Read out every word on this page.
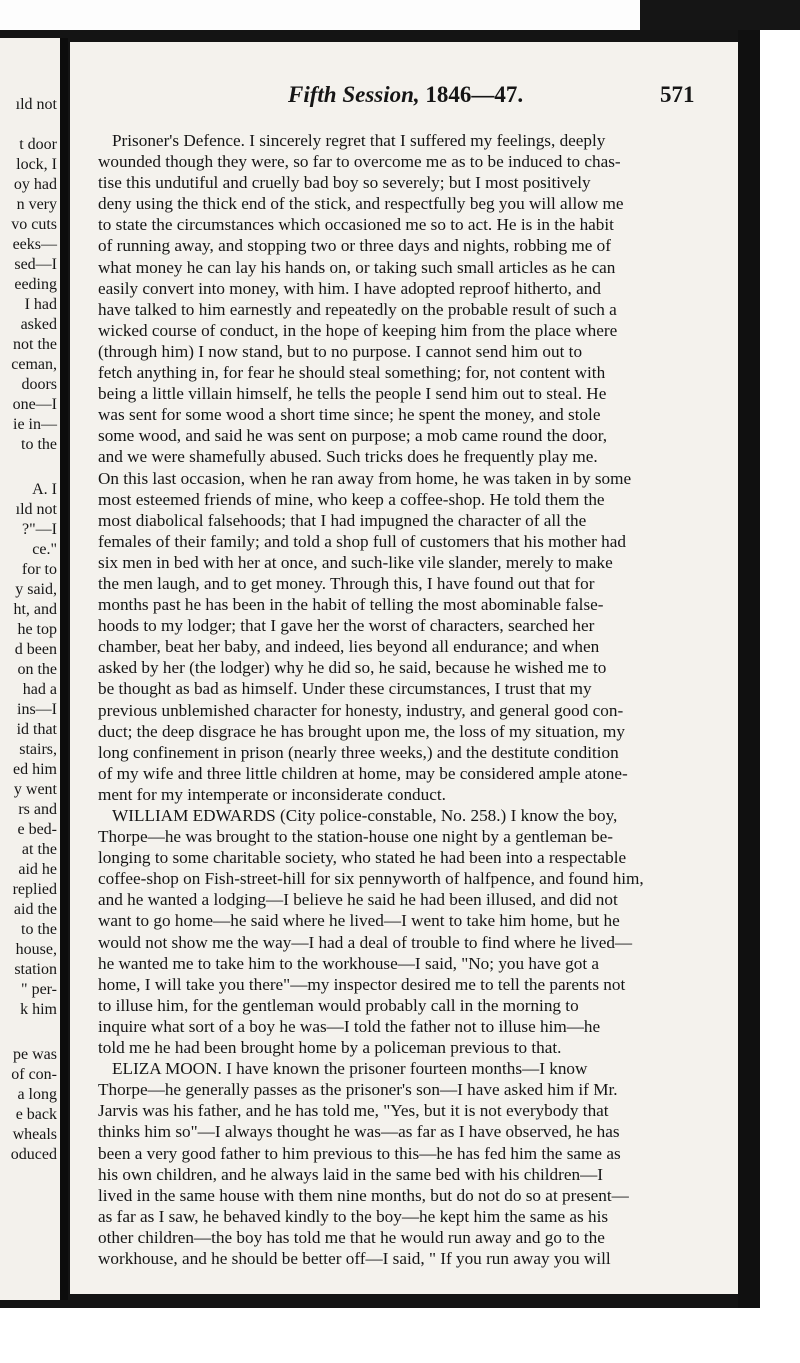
ıld not
t door
lock, I
oy had
n very
vo cuts
eeks—
sed—I
eeding
I had
asked
not the
ceman,
doors
one—I
ie in—
to the
A. I
ıld not
?"—I
ce."
for to
y said,
ht, and
he top
d been
on the
had a
ins—I
id that
stairs,
ed him
y went
rs and
e bed-
at the
aid he
replied
aid the
to the
house,
station
" per-
k him
pe was
of con-
a long
e back
wheals
oduced
Fifth Session, 1846—47.	571
Prisoner's Defence. I sincerely regret that I suffered my feelings, deeply
wounded though they were, so far to overcome me as to be induced to chas-
tise this undutiful and cruelly bad boy so severely; but I most positively
deny using the thick end of the stick, and respectfully beg you will allow me
to state the circumstances which occasioned me so to act. He is in the habit
of running away, and stopping two or three days and nights, robbing me of
what money he can lay his hands on, or taking such small articles as he can
easily convert into money, with him. I have adopted reproof hitherto, and
have talked to him earnestly and repeatedly on the probable result of such a
wicked course of conduct, in the hope of keeping him from the place where
(through him) I now stand, but to no purpose. I cannot send him out to
fetch anything in, for fear he should steal something; for, not content with
being a little villain himself, he tells the people I send him out to steal. He
was sent for some wood a short time since; he spent the money, and stole
some wood, and said he was sent on purpose; a mob came round the door,
and we were shamefully abused. Such tricks does he frequently play me.
On this last occasion, when he ran away from home, he was taken in by some
most esteemed friends of mine, who keep a coffee-shop. He told them the
most diabolical falsehoods; that I had impugned the character of all the
females of their family; and told a shop full of customers that his mother had
six men in bed with her at once, and such-like vile slander, merely to make
the men laugh, and to get money. Through this, I have found out that for
months past he has been in the habit of telling the most abominable false-
hoods to my lodger; that I gave her the worst of characters, searched her
chamber, beat her baby, and indeed, lies beyond all endurance; and when
asked by her (the lodger) why he did so, he said, because he wished me to
be thought as bad as himself. Under these circumstances, I trust that my
previous unblemished character for honesty, industry, and general good con-
duct; the deep disgrace he has brought upon me, the loss of my situation, my
long confinement in prison (nearly three weeks,) and the destitute condition
of my wife and three little children at home, may be considered ample atone-
ment for my intemperate or inconsiderate conduct.
WILLIAM EDWARDS (City police-constable, No. 258.) I know the boy,
Thorpe—he was brought to the station-house one night by a gentleman be-
longing to some charitable society, who stated he had been into a respectable
coffee-shop on Fish-street-hill for six pennyworth of halfpence, and found him,
and he wanted a lodging—I believe he said he had been illused, and did not
want to go home—he said where he lived—I went to take him home, but he
would not show me the way—I had a deal of trouble to find where he lived—
he wanted me to take him to the workhouse—I said, "No; you have got a
home, I will take you there"—my inspector desired me to tell the parents not
to illuse him, for the gentleman would probably call in the morning to
inquire what sort of a boy he was—I told the father not to illuse him—he
told me he had been brought home by a policeman previous to that.
ELIZA MOON. I have known the prisoner fourteen months—I know
Thorpe—he generally passes as the prisoner's son—I have asked him if Mr.
Jarvis was his father, and he has told me, "Yes, but it is not everybody that
thinks him so"—I always thought he was—as far as I have observed, he has
been a very good father to him previous to this—he has fed him the same as
his own children, and he always laid in the same bed with his children—I
lived in the same house with them nine months, but do not do so at present—
as far as I saw, he behaved kindly to the boy—he kept him the same as his
other children—the boy has told me that he would run away and go to the
workhouse, and he should be better off—I said, " If you run away you will
